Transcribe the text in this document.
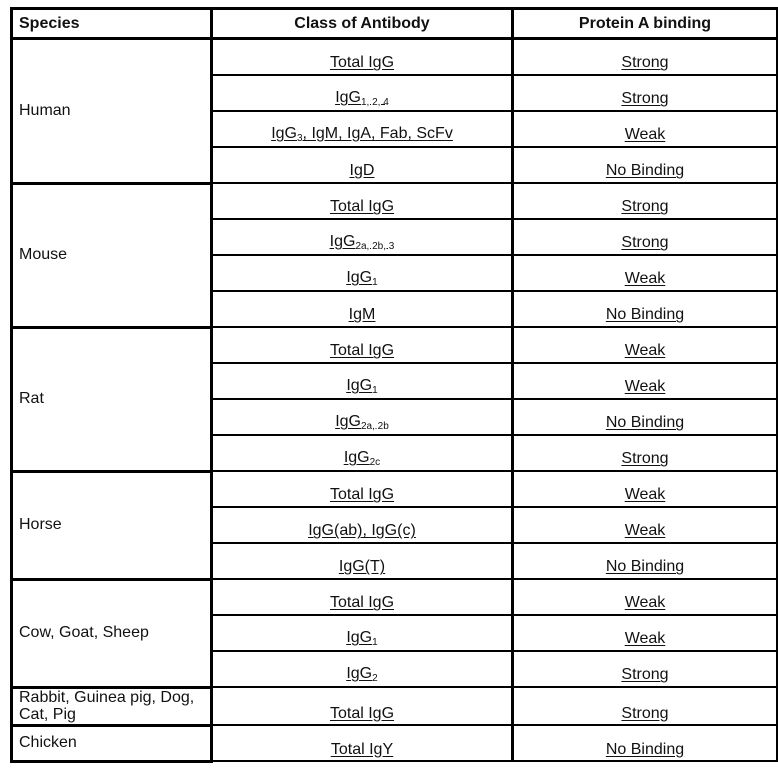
Species	Class of Antibody	Protein A binding
Human	Total IgG	Strong
	IgG$_{1, 2, 4}$	Strong
	IgG$_3$, IgM, IgA, Fab, ScFv	Weak
	IgD	No Binding
Mouse	Total IgG	Strong
	IgG$_{2a, 2b, 3}$	Strong
	IgG$_1$	Weak
	IgM	No Binding
Rat	Total IgG	Weak
	IgG$_1$	Weak
	IgG$_{2a, 2b}$	No Binding
	IgG$_{2c}$	Strong
Horse	Total IgG	Weak
	IgG(ab), IgG(c)	Weak
	IgG(T)	No Binding
Cow, Goat, Sheep	Total IgG	Weak
	IgG$_1$	Weak
	IgG$_2$	Strong
Rabbit, Guinea pig, Dog, Cat, Pig	Total IgG	Strong
Chicken	Total IgY	No Binding
